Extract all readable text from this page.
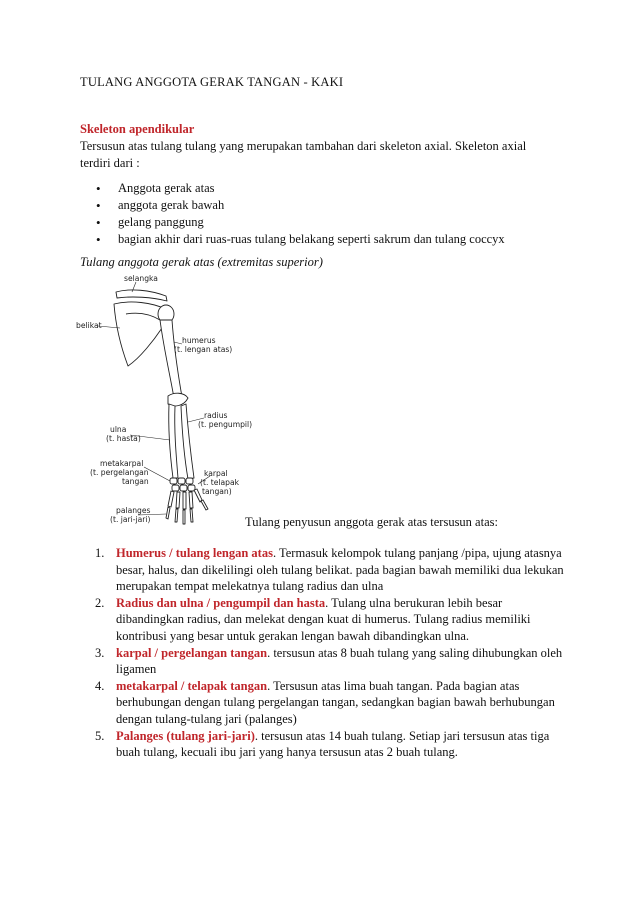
TULANG ANGGOTA GERAK TANGAN - KAKI
Skeleton apendikular
Tersusun atas tulang tulang yang merupakan tambahan dari skeleton axial. Skeleton axial terdiri dari :
• Anggota gerak atas
• anggota gerak bawah
• gelang panggung
• bagian akhir dari ruas-ruas tulang belakang seperti sakrum dan tulang coccyx
Tulang anggota gerak atas (extremitas superior)
selangka
belikat
humerus
(t. lengan atas)
radius
(t. pengumpil)
ulna
(t. hasta)
metakarpal
(t. pergelangan
tangan
karpal
(t. telapak
tangan)
palanges
(t. jari-jari)	Tulang penyusun anggota gerak atas tersusun atas:
1. Humerus / tulang lengan atas. Termasuk kelompok tulang panjang /pipa, ujung atasnya besar, halus, dan dikelilingi oleh tulang belikat. pada bagian bawah memiliki dua lekukan merupakan tempat melekatnya tulang radius dan ulna
2. Radius dan ulna / pengumpil dan hasta. Tulang ulna berukuran lebih besar dibandingkan radius, dan melekat dengan kuat di humerus. Tulang radius memiliki kontribusi yang besar untuk gerakan lengan bawah dibandingkan ulna.
3. karpal / pergelangan tangan. tersusun atas 8 buah tulang yang saling dihubungkan oleh ligamen
4. metakarpal / telapak tangan. Tersusun atas lima buah tangan. Pada bagian atas berhubungan dengan tulang pergelangan tangan, sedangkan bagian bawah berhubungan dengan tulang-tulang jari (palanges)
5. Palanges (tulang jari-jari). tersusun atas 14 buah tulang. Setiap jari tersusun atas tiga buah tulang, kecuali ibu jari yang hanya tersusun atas 2 buah tulang.
